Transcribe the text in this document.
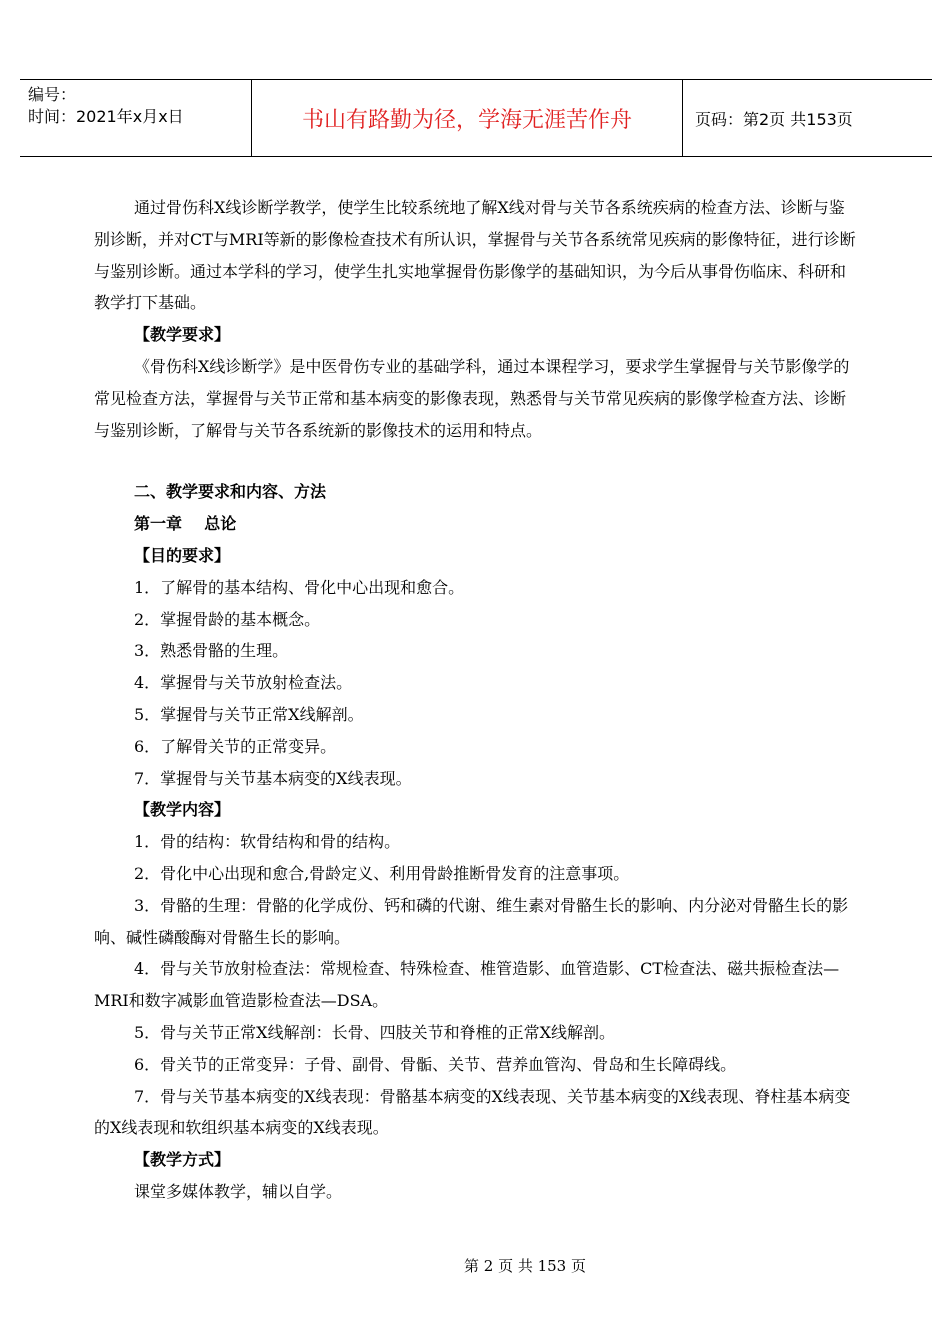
编号：
时间：2021年x月x日	书山有路勤为径，学海无涯苦作舟	页码：第2页 共153页

通过骨伤科X线诊断学教学，使学生比较系统地了解X线对骨与关节各系统疾病的检查方法、诊断与鉴别诊断，并对CT与MRI等新的影像检查技术有所认识，掌握骨与关节各系统常见疾病的影像特征，进行诊断与鉴别诊断。通过本学科的学习，使学生扎实地掌握骨伤影像学的基础知识，为今后从事骨伤临床、科研和教学打下基础。

【教学要求】

《骨伤科X线诊断学》是中医骨伤专业的基础学科，通过本课程学习，要求学生掌握骨与关节影像学的常见检查方法，掌握骨与关节正常和基本病变的影像表现，熟悉骨与关节常见疾病的影像学检查方法、诊断与鉴别诊断，了解骨与关节各系统新的影像技术的运用和特点。

二、教学要求和内容、方法

第一章    总论

【目的要求】

1．了解骨的基本结构、骨化中心出现和愈合。

2．掌握骨龄的基本概念。

3．熟悉骨骼的生理。

4．掌握骨与关节放射检查法。

5．掌握骨与关节正常X线解剖。

6．了解骨关节的正常变异。

7．掌握骨与关节基本病变的X线表现。

【教学内容】

1．骨的结构：软骨结构和骨的结构。

2．骨化中心出现和愈合,骨龄定义、利用骨龄推断骨发育的注意事项。

3．骨骼的生理：骨骼的化学成份、钙和磷的代谢、维生素对骨骼生长的影响、内分泌对骨骼生长的影响、碱性磷酸酶对骨骼生长的影响。

4．骨与关节放射检查法：常规检查、特殊检查、椎管造影、血管造影、CT检查法、磁共振检查法—MRI和数字减影血管造影检查法—DSA。

5．骨与关节正常X线解剖：长骨、四肢关节和脊椎的正常X线解剖。

6．骨关节的正常变异：子骨、副骨、骨骺、关节、营养血管沟、骨岛和生长障碍线。

7．骨与关节基本病变的X线表现：骨骼基本病变的X线表现、关节基本病变的X线表现、脊柱基本病变的X线表现和软组织基本病变的X线表现。

【教学方式】

课堂多媒体教学，辅以自学。

第 2 页 共 153 页
